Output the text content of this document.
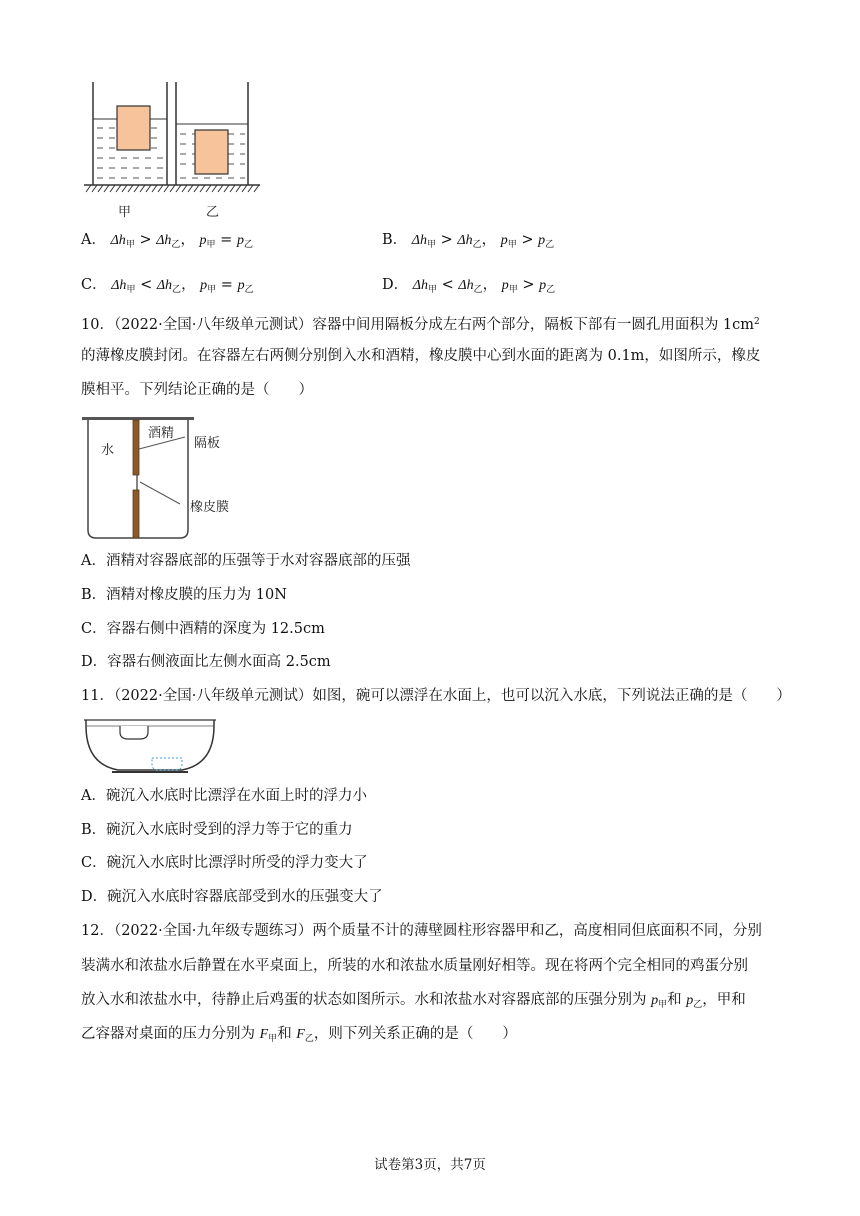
甲	乙
A． $\Delta h_甲 > \Delta h_乙$， $p_甲 = p_乙$	B． $\Delta h_甲 > \Delta h_乙$， $p_甲 > p_乙$
C． $\Delta h_甲 < \Delta h_乙$， $p_甲 = p_乙$	D． $\Delta h_甲 < \Delta h_乙$， $p_甲 > p_乙$
10．（2022·全国·八年级单元测试）容器中间用隔板分成左右两个部分，隔板下部有一圆孔用面积为 $1cm^2$
的薄橡皮膜封闭。在容器左右两侧分别倒入水和酒精，橡皮膜中心到水面的距离为 0.1m，如图所示，橡皮
膜相平。下列结论正确的是（　　）
水
酒精
隔板
橡皮膜
A．酒精对容器底部的压强等于水对容器底部的压强
B．酒精对橡皮膜的压力为 10N
C．容器右侧中酒精的深度为 12.5cm
D．容器右侧液面比左侧水面高 2.5cm
11．（2022·全国·八年级单元测试）如图，碗可以漂浮在水面上，也可以沉入水底，下列说法正确的是（　　）
A．碗沉入水底时比漂浮在水面上时的浮力小
B．碗沉入水底时受到的浮力等于它的重力
C．碗沉入水底时比漂浮时所受的浮力变大了
D．碗沉入水底时容器底部受到水的压强变大了
12．（2022·全国·九年级专题练习）两个质量不计的薄壁圆柱形容器甲和乙，高度相同但底面积不同，分别
装满水和浓盐水后静置在水平桌面上，所装的水和浓盐水质量刚好相等。现在将两个完全相同的鸡蛋分别
放入水和浓盐水中，待静止后鸡蛋的状态如图所示。水和浓盐水对容器底部的压强分别为 $p_甲$和 $p_乙$，甲和
乙容器对桌面的压力分别为 $F_甲$和 $F_乙$，则下列关系正确的是（　　）
试卷第3页，共7页
